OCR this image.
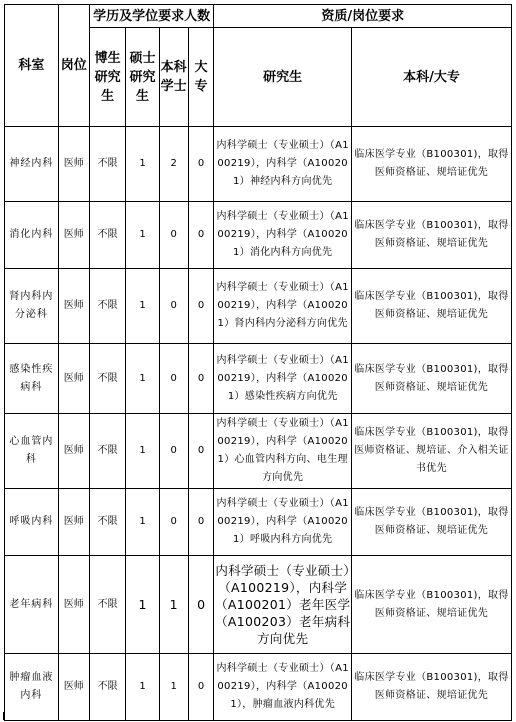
科室	岗位	学历及学位要求人数				资质/岗位要求	
		博生研究生	硕士研究生	本科学士	大专	研究生	本科/大专
神经内科	医师	不限	1	2	0	内科学硕士（专业硕士）（A100219），内科学（A100201）神经内科方向优先	临床医学专业（B100301)，取得医师资格证、规培证优先
消化内科	医师	不限	1	0	0	内科学硕士（专业硕士）（A100219），内科学（A100201）消化内科方向优先	临床医学专业（B100301)，取得医师资格证、规培证优先
肾内科内分泌科	医师	不限	1	0	0	内科学硕士（专业硕士）（A100219），内科学（A100201）肾内科内分泌科方向优先	临床医学专业（B100301)，取得医师资格证、规培证优先
感染性疾病科	医师	不限	1	0	0	内科学硕士（专业硕士）（A100219），内科学（A100201）感染性疾病方向优先	临床医学专业（B100301)，取得医师资格证、规培证优先
心血管内科	医师	不限	1	0	0	内科学硕士（专业硕士）（A100219），内科学（A100201）心血管内科方向、电生理方向优先	临床医学专业（B100301)，取得医师资格证、规培证、介入相关证书优先
呼吸内科	医师	不限	1	0	0	内科学硕士（专业硕士）（A100219），内科学（A100201）呼吸内科方向优先	临床医学专业（B100301)，取得医师资格证、规培证优先
老年病科	医师	不限	1	1	0	内科学硕士（专业硕士）（A100219），内科学（A100201）老年医学（A100203）老年病科方向优先	临床医学专业（B100301)，取得医师资格证、规培证优先
肿瘤血液内科	医师	不限	1	1	0	内科学硕士（专业硕士）（A100219），内科学（A100201），肿瘤血液内科优先	临床医学专业（B100301)，取得医师资格证、规培证优先
